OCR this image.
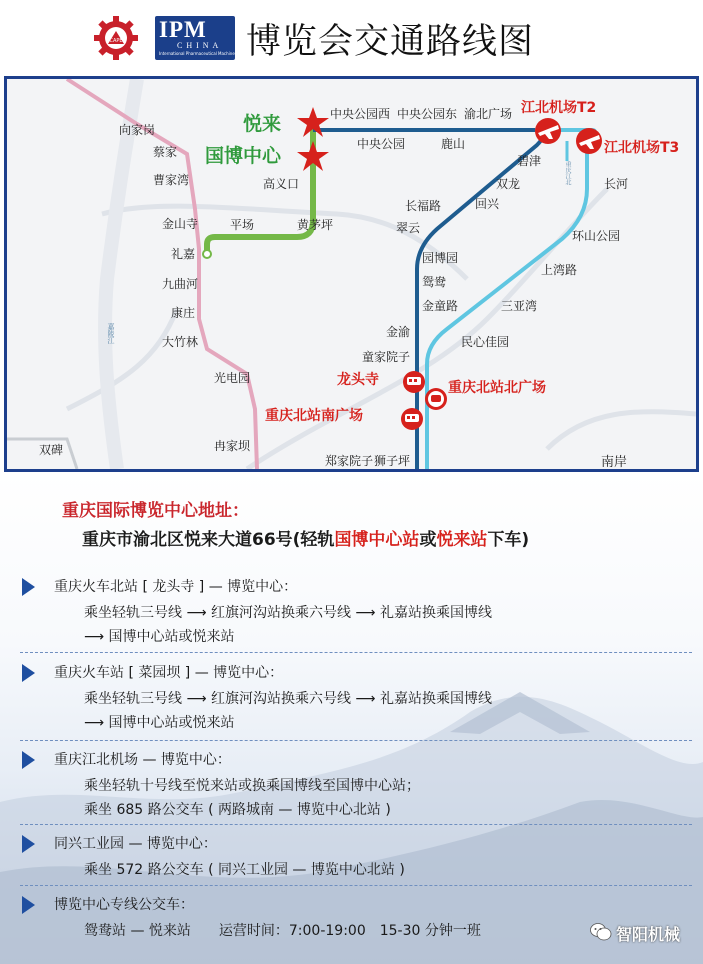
CAPE IPM
CHINA
International Pharmaceutical Machinery 博览会交通路线图
悦来
国博中心
江北机场T2
江北机场T3
龙头寺	重庆北站北广场
重庆北站南广场
向家岗
蔡家
曹家湾
金山寺
礼嘉
九曲河
康庄
大竹林
光电园
冉家坝
双碑
平场	黄茅坪
高义口
中央公园西 中央公园东 渝北广场
中央公园	鹿山
碧津
双龙
回兴
长福路
翠云
园博园
鸳鸯
金童路
金渝
童家院子
长河
环山公园
上湾路
三亚湾
民心佳园
郑家院子 狮子坪	南岸
嘉陵江
重庆江北
重庆国际博览中心地址：
重庆市渝北区悦来大道66号(轻轨国博中心站或悦来站下车)
重庆火车北站 [ 龙头寺 ] — 博览中心：
乘坐轻轨三号线 ⟶ 红旗河沟站换乘六号线 ⟶ 礼嘉站换乘国博线
⟶ 国博中心站或悦来站
重庆火车站 [ 菜园坝 ] — 博览中心：
乘坐轻轨三号线 ⟶ 红旗河沟站换乘六号线 ⟶ 礼嘉站换乘国博线
⟶ 国博中心站或悦来站
重庆江北机场 — 博览中心：
乘坐轻轨十号线至悦来站或换乘国博线至国博中心站；
乘坐 685 路公交车 ( 两路城南 — 博览中心北站 )
同兴工业园 — 博览中心：
乘坐 572 路公交车 ( 同兴工业园 — 博览中心北站 )
博览中心专线公交车：
鸳鸯站 — 悦来站　　运营时间：7:00-19:00　15-30 分钟一班	智阳机械
